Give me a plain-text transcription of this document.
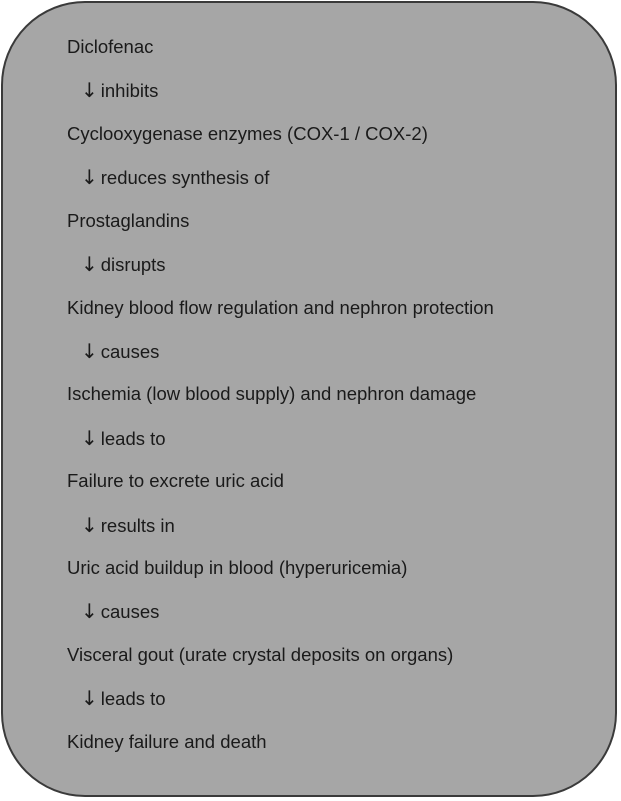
Diclofenac
↓ inhibits
Cyclooxygenase enzymes (COX-1 / COX-2)
↓ reduces synthesis of
Prostaglandins
↓ disrupts
Kidney blood flow regulation and nephron protection
↓ causes
Ischemia (low blood supply) and nephron damage
↓ leads to
Failure to excrete uric acid
↓ results in
Uric acid buildup in blood (hyperuricemia)
↓ causes
Visceral gout (urate crystal deposits on organs)
↓ leads to
Kidney failure and death
